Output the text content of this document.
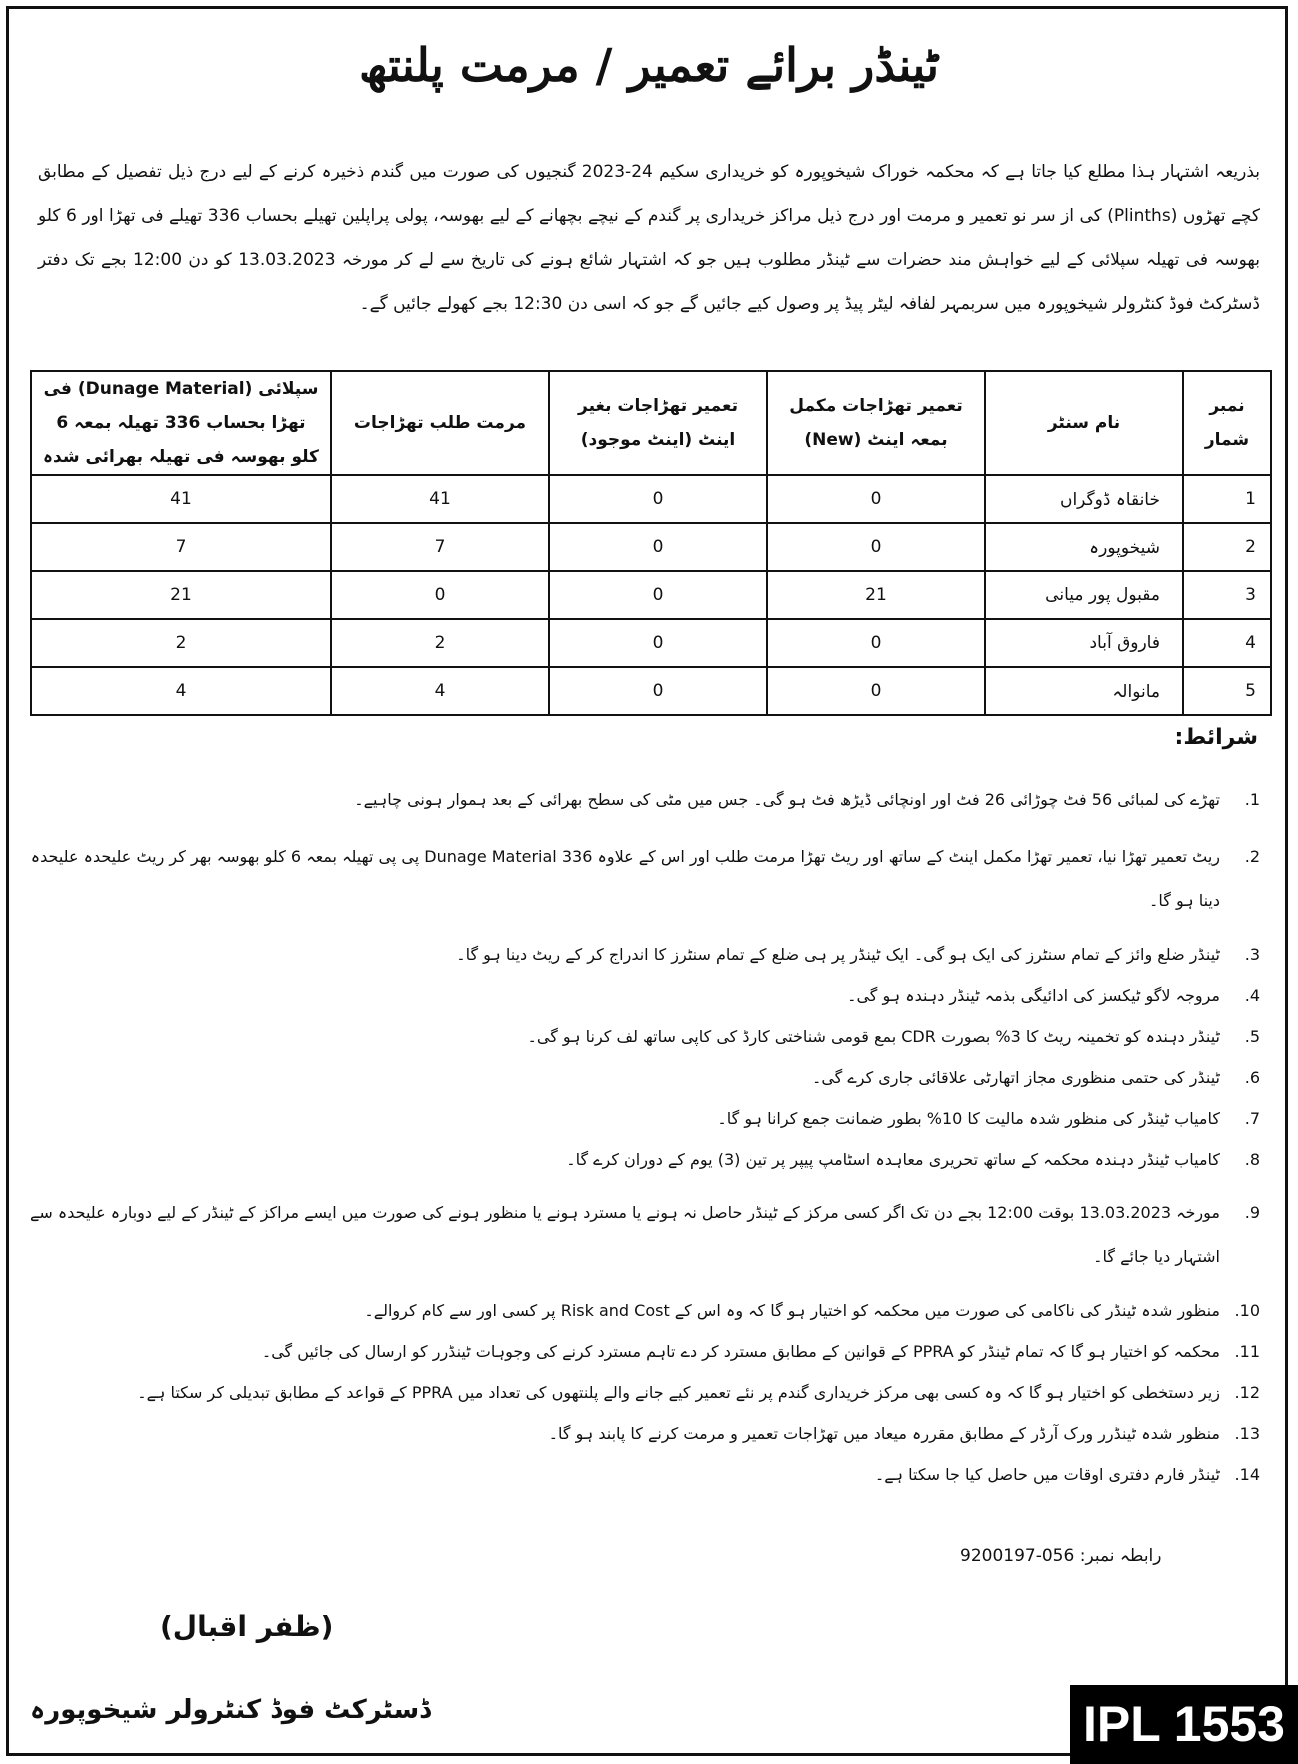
ٹینڈر برائے تعمیر / مرمت پلنتھ
بذریعہ اشتہار ہذا مطلع کیا جاتا ہے کہ محکمہ خوراک شیخوپورہ کو خریداری سکیم 24-2023 گنجیوں کی صورت میں گندم ذخیرہ کرنے کے لیے درج ذیل تفصیل کے مطابق کچے تھڑوں (Plinths) کی از سر نو تعمیر و مرمت اور درج ذیل مراکز خریداری پر گندم کے نیچے بچھانے کے لیے بھوسہ، پولی پراپلین تھیلے بحساب 336 تھیلے فی تھڑا اور 6 کلو بھوسہ فی تھیلہ سپلائی کے لیے خواہش مند حضرات سے ٹینڈر مطلوب ہیں جو کہ اشتہار شائع ہونے کی تاریخ سے لے کر مورخہ 13.03.2023 کو دن 12:00 بجے تک دفتر ڈسٹرکٹ فوڈ کنٹرولر شیخوپورہ میں سربمہر لفافہ لیٹر پیڈ پر وصول کیے جائیں گے جو کہ اسی دن 12:30 بجے کھولے جائیں گے۔
نمبر شمار	نام سنٹر	تعمیر تھڑاجات مکمل بمعہ اینٹ (New)	تعمیر تھڑاجات بغیر اینٹ (اینٹ موجود)	مرمت طلب تھڑاجات	سپلائی (Dunage Material) فی تھڑا بحساب 336 تھیلہ بمعہ 6 کلو بھوسہ فی تھیلہ بھرائی شدہ
1	خانقاہ ڈوگراں	0	0	41	41
2	شیخوپورہ	0	0	7	7
3	مقبول پور میانی	21	0	0	21
4	فاروق آباد	0	0	2	2
5	مانوالہ	0	0	4	4
شرائط:
1.
تھڑے کی لمبائی 56 فٹ چوڑائی 26 فٹ اور اونچائی ڈیڑھ فٹ ہو گی۔ جس میں مٹی کی سطح بھرائی کے بعد ہموار ہونی چاہیے۔
2.
ریٹ تعمیر تھڑا نیا، تعمیر تھڑا مکمل اینٹ کے ساتھ اور ریٹ تھڑا مرمت طلب اور اس کے علاوہ Dunage Material 336 پی پی تھیلہ بمعہ 6 کلو بھوسہ بھر کر ریٹ علیحدہ علیحدہ دینا ہو گا۔
3.
ٹینڈر ضلع وائز کے تمام سنٹرز کی ایک ہو گی۔ ایک ٹینڈر پر ہی ضلع کے تمام سنٹرز کا اندراج کر کے ریٹ دینا ہو گا۔
4.
مروجہ لاگو ٹیکسز کی ادائیگی بذمہ ٹینڈر دہندہ ہو گی۔
5.
ٹینڈر دہندہ کو تخمینہ ریٹ کا 3% بصورت CDR بمع قومی شناختی کارڈ کی کاپی ساتھ لف کرنا ہو گی۔
6.
ٹینڈر کی حتمی منظوری مجاز اتھارٹی علاقائی جاری کرے گی۔
7.
کامیاب ٹینڈر کی منظور شدہ مالیت کا 10% بطور ضمانت جمع کرانا ہو گا۔
8.
کامیاب ٹینڈر دہندہ محکمہ کے ساتھ تحریری معاہدہ اسٹامپ پیپر پر تین (3) یوم کے دوران کرے گا۔
9.
مورخہ 13.03.2023 بوقت 12:00 بجے دن تک اگر کسی مرکز کے ٹینڈر حاصل نہ ہونے یا مسترد ہونے یا منظور ہونے کی صورت میں ایسے مراکز کے ٹینڈر کے لیے دوبارہ علیحدہ سے اشتہار دیا جائے گا۔
10.
منظور شدہ ٹینڈر کی ناکامی کی صورت میں محکمہ کو اختیار ہو گا کہ وہ اس کے Risk and Cost پر کسی اور سے کام کروالے۔
11.
محکمہ کو اختیار ہو گا کہ تمام ٹینڈر کو PPRA کے قوانین کے مطابق مسترد کر دے تاہم مسترد کرنے کی وجوہات ٹینڈرر کو ارسال کی جائیں گی۔
12.
زیر دستخطی کو اختیار ہو گا کہ وہ کسی بھی مرکز خریداری گندم پر نئے تعمیر کیے جانے والے پلنتھوں کی تعداد میں PPRA کے قواعد کے مطابق تبدیلی کر سکتا ہے۔
13.
منظور شدہ ٹینڈرر ورک آرڈر کے مطابق مقررہ میعاد میں تھڑاجات تعمیر و مرمت کرنے کا پابند ہو گا۔
14.
ٹینڈر فارم دفتری اوقات میں حاصل کیا جا سکتا ہے۔
رابطہ نمبر: 056-9200197
(ظفر اقبال)
ڈسٹرکٹ فوڈ کنٹرولر شیخوپورہ	IPL 1553
